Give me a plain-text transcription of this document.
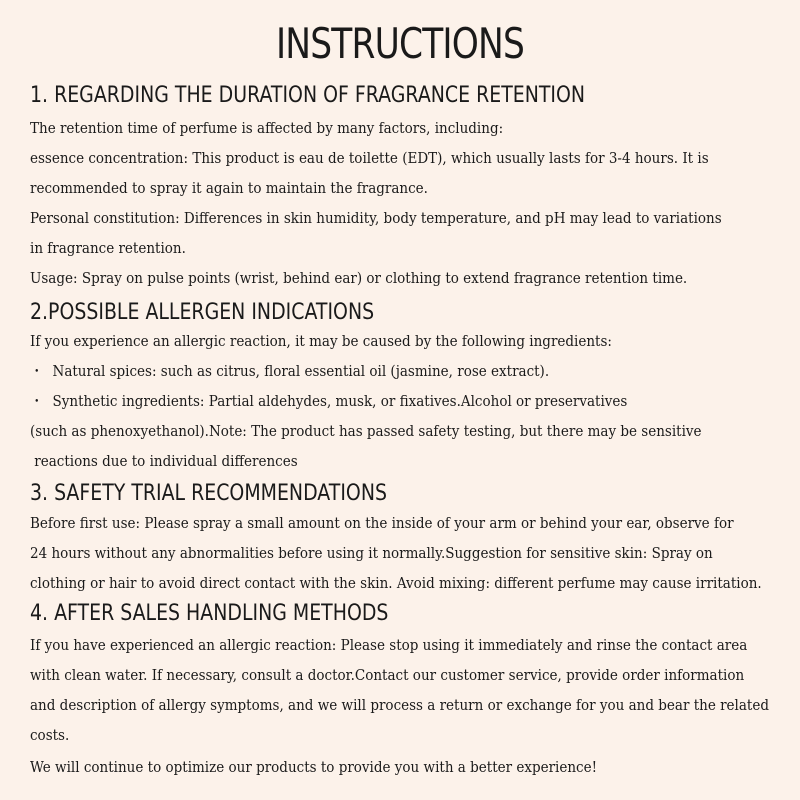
INSTRUCTIONS
1. REGARDING THE DURATION OF FRAGRANCE RETENTION

The retention time of perfume is affected by many factors, including:

essence concentration: This product is eau de toilette (EDT), which usually lasts for 3-4 hours. It is

recommended to spray it again to maintain the fragrance.

Personal constitution: Differences in skin humidity, body temperature, and pH may lead to variations

in fragrance retention.

Usage: Spray on pulse points (wrist, behind ear) or clothing to extend fragrance retention time.

2.POSSIBLE ALLERGEN INDICATIONS

If you experience an allergic reaction, it may be caused by the following ingredients:

・ Natural spices: such as citrus, floral essential oil (jasmine, rose extract).

・ Synthetic ingredients: Partial aldehydes, musk, or fixatives.Alcohol or preservatives

(such as phenoxyethanol).Note: The product has passed safety testing, but there may be sensitive

reactions due to individual differences

3. SAFETY TRIAL RECOMMENDATIONS

Before first use: Please spray a small amount on the inside of your arm or behind your ear, observe for

24 hours without any abnormalities before using it normally.Suggestion for sensitive skin: Spray on

clothing or hair to avoid direct contact with the skin. Avoid mixing: different perfume may cause irritation.

4. AFTER SALES HANDLING METHODS

If you have experienced an allergic reaction: Please stop using it immediately and rinse the contact area

with clean water. If necessary, consult a doctor.Contact our customer service, provide order information

and description of allergy symptoms, and we will process a return or exchange for you and bear the related

costs.

We will continue to optimize our products to provide you with a better experience!
